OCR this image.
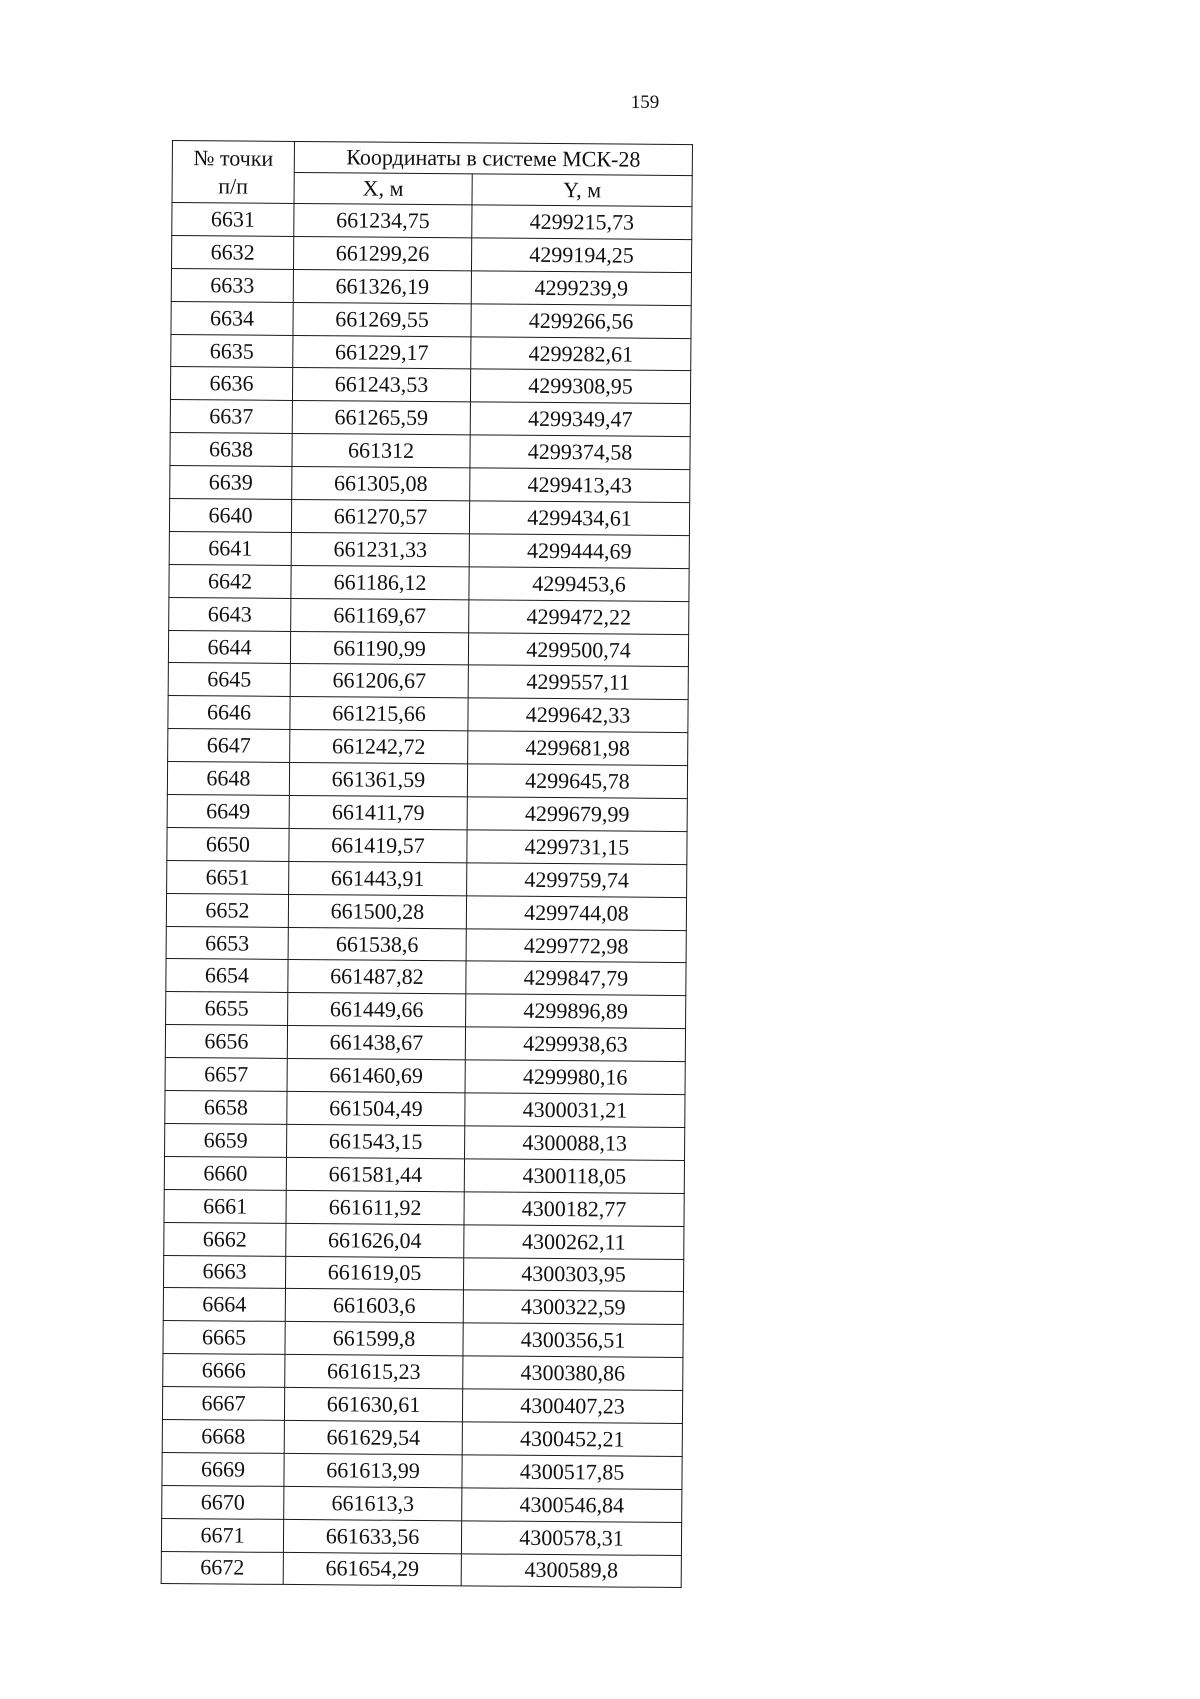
159
№ точки
п/п	Координаты в системе МСК-28	
	X, м	Y, м
6631	661234,75	4299215,73
6632	661299,26	4299194,25
6633	661326,19	4299239,9
6634	661269,55	4299266,56
6635	661229,17	4299282,61
6636	661243,53	4299308,95
6637	661265,59	4299349,47
6638	661312	4299374,58
6639	661305,08	4299413,43
6640	661270,57	4299434,61
6641	661231,33	4299444,69
6642	661186,12	4299453,6
6643	661169,67	4299472,22
6644	661190,99	4299500,74
6645	661206,67	4299557,11
6646	661215,66	4299642,33
6647	661242,72	4299681,98
6648	661361,59	4299645,78
6649	661411,79	4299679,99
6650	661419,57	4299731,15
6651	661443,91	4299759,74
6652	661500,28	4299744,08
6653	661538,6	4299772,98
6654	661487,82	4299847,79
6655	661449,66	4299896,89
6656	661438,67	4299938,63
6657	661460,69	4299980,16
6658	661504,49	4300031,21
6659	661543,15	4300088,13
6660	661581,44	4300118,05
6661	661611,92	4300182,77
6662	661626,04	4300262,11
6663	661619,05	4300303,95
6664	661603,6	4300322,59
6665	661599,8	4300356,51
6666	661615,23	4300380,86
6667	661630,61	4300407,23
6668	661629,54	4300452,21
6669	661613,99	4300517,85
6670	661613,3	4300546,84
6671	661633,56	4300578,31
6672	661654,29	4300589,8
